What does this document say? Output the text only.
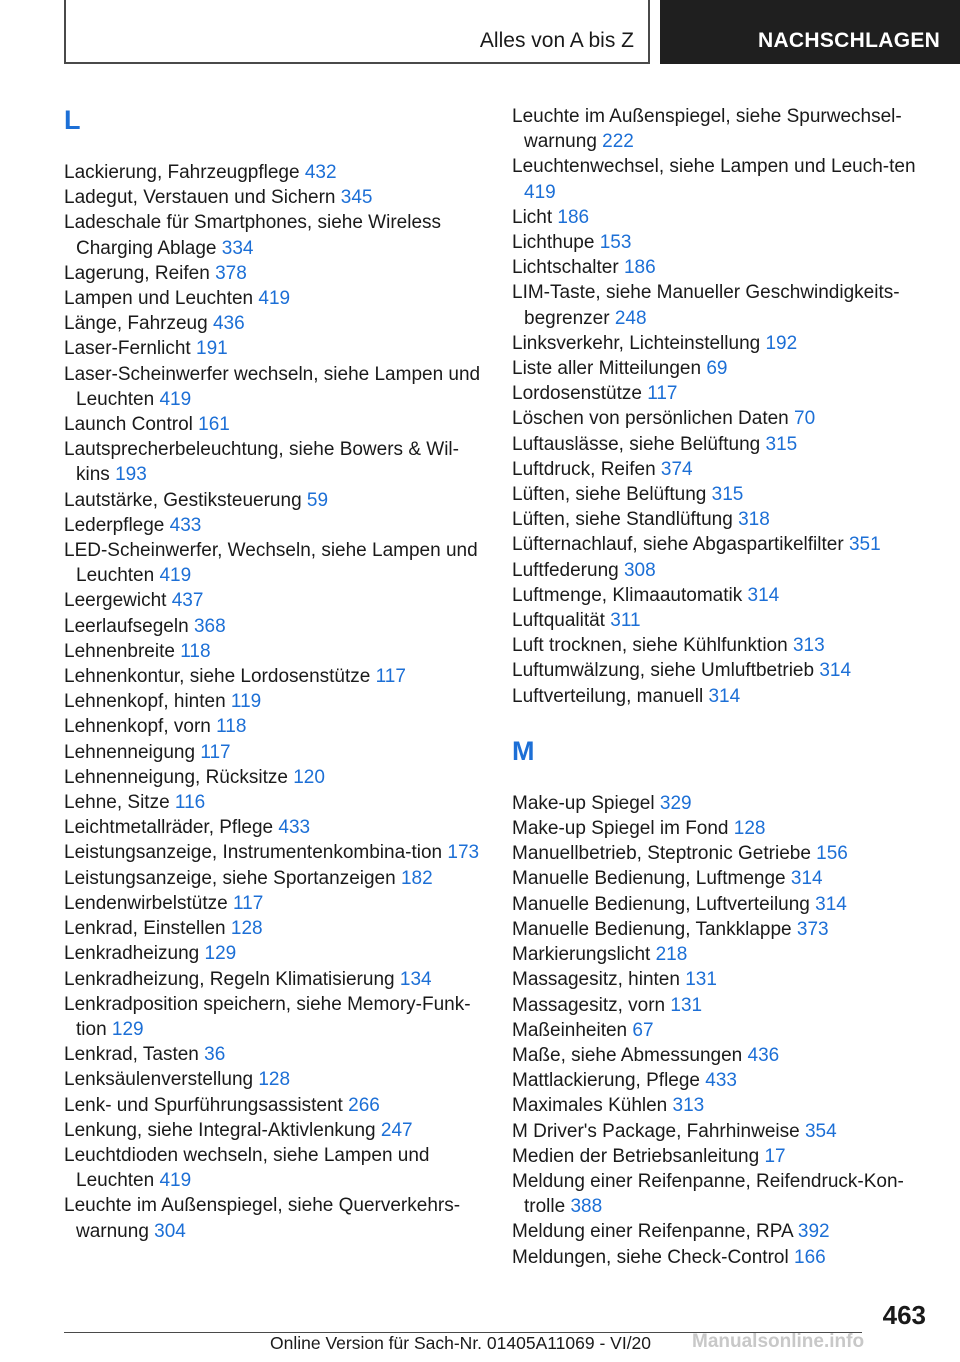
Alles von A bis Z	NACHSCHLAGEN
L
Lackierung, Fahrzeugpflege 432
Ladegut, Verstauen und Sichern 345
Ladeschale für Smartphones, siehe Wireless Charging Ablage 334
Lagerung, Reifen 378
Lampen und Leuchten 419
Länge, Fahrzeug 436
Laser-Fernlicht 191
Laser-Scheinwerfer wechseln, siehe Lampen und Leuchten 419
Launch Control 161
Lautsprecherbeleuchtung, siehe Bowers & Wil‐kins 193
Lautstärke, Gestiksteuerung 59
Lederpflege 433
LED-Scheinwerfer, Wechseln, siehe Lampen und Leuchten 419
Leergewicht 437
Leerlaufsegeln 368
Lehnenbreite 118
Lehnenkontur, siehe Lordosenstütze 117
Lehnenkopf, hinten 119
Lehnenkopf, vorn 118
Lehnenneigung 117
Lehnenneigung, Rücksitze 120
Lehne, Sitze 116
Leichtmetallräder, Pflege 433
Leistungsanzeige, Instrumentenkombina‐tion 173
Leistungsanzeige, siehe Sportanzeigen 182
Lendenwirbelstütze 117
Lenkrad, Einstellen 128
Lenkradheizung 129
Lenkradheizung, Regeln Klimatisierung 134
Lenkradposition speichern, siehe Memory-Funk‐tion 129
Lenkrad, Tasten 36
Lenksäulenverstellung 128
Lenk- und Spurführungsassistent 266
Lenkung, siehe Integral-Aktivlenkung 247
Leuchtdioden wechseln, siehe Lampen und Leuchten 419
Leuchte im Außenspiegel, siehe Querverkehrs‐warnung 304
Leuchte im Außenspiegel, siehe Spurwechsel‐warnung 222
Leuchtenwechsel, siehe Lampen und Leuch‐ten 419
Licht 186
Lichthupe 153
Lichtschalter 186
LIM-Taste, siehe Manueller Geschwindigkeits‐begrenzer 248
Linksverkehr, Lichteinstellung 192
Liste aller Mitteilungen 69
Lordosenstütze 117
Löschen von persönlichen Daten 70
Luftauslässe, siehe Belüftung 315
Luftdruck, Reifen 374
Lüften, siehe Belüftung 315
Lüften, siehe Standlüftung 318
Lüfternachlauf, siehe Abgaspartikelfilter 351
Luftfederung 308
Luftmenge, Klimaautomatik 314
Luftqualität 311
Luft trocknen, siehe Kühlfunktion 313
Luftumwälzung, siehe Umluftbetrieb 314
Luftverteilung, manuell 314
M
Make-up Spiegel 329
Make-up Spiegel im Fond 128
Manuellbetrieb, Steptronic Getriebe 156
Manuelle Bedienung, Luftmenge 314
Manuelle Bedienung, Luftverteilung 314
Manuelle Bedienung, Tankklappe 373
Markierungslicht 218
Massagesitz, hinten 131
Massagesitz, vorn 131
Maßeinheiten 67
Maße, siehe Abmessungen 436
Mattlackierung, Pflege 433
Maximales Kühlen 313
M Driver's Package, Fahrhinweise 354
Medien der Betriebsanleitung 17
Meldung einer Reifenpanne, Reifendruck-Kon‐trolle 388
Meldung einer Reifenpanne, RPA 392
Meldungen, siehe Check-Control 166
463
Online Version für Sach-Nr. 01405A11069 - VI/20 Manualsonline.info
